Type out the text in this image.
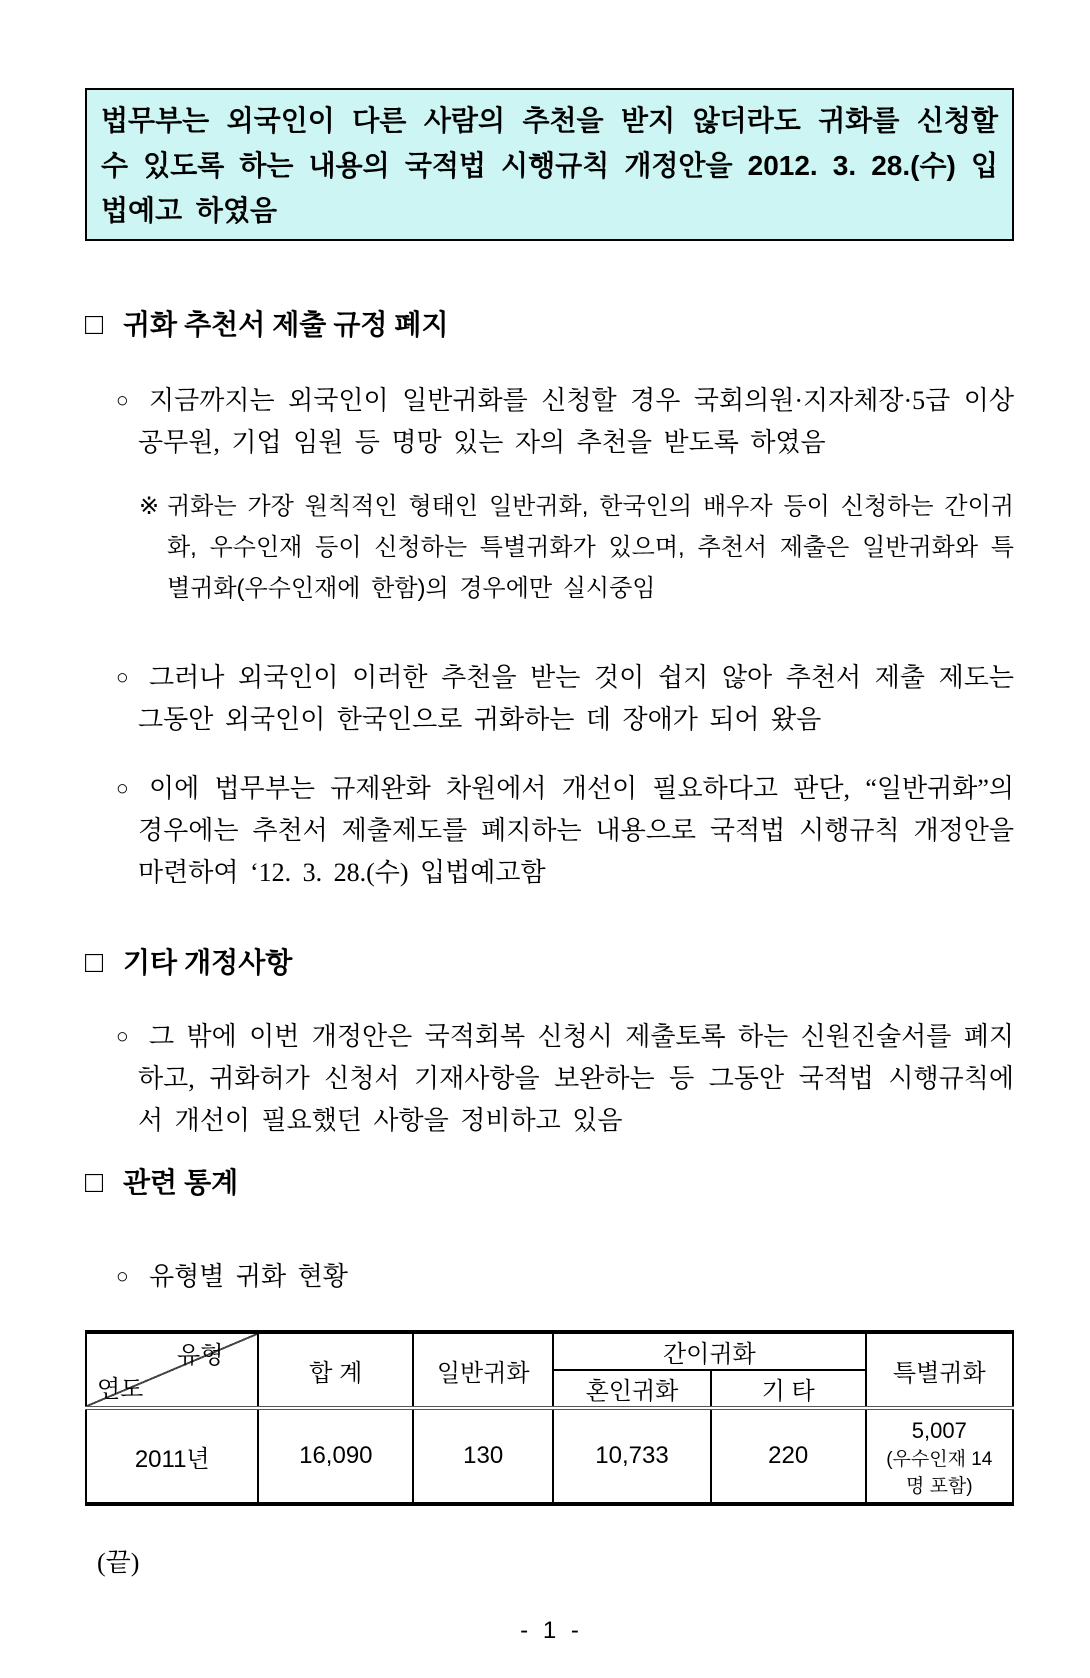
법무부는 외국인이 다른 사람의 추천을 받지 않더라도 귀화를 신청할 수 있도록 하는 내용의 국적법 시행규칙 개정안을 2012. 3. 28.(수) 입법예고 하였음
□ 귀화 추천서 제출 규정 폐지
○ 지금까지는 외국인이 일반귀화를 신청할 경우 국회의원·지자체장·5급 이상 공무원, 기업 임원 등 명망 있는 자의 추천을 받도록 하였음
※ 귀화는 가장 원칙적인 형태인 일반귀화, 한국인의 배우자 등이 신청하는 간이귀화, 우수인재 등이 신청하는 특별귀화가 있으며, 추천서 제출은 일반귀화와 특별귀화(우수인재에 한함)의 경우에만 실시중임
○ 그러나 외국인이 이러한 추천을 받는 것이 쉽지 않아 추천서 제출 제도는 그동안 외국인이 한국인으로 귀화하는 데 장애가 되어 왔음
○ 이에 법무부는 규제완화 차원에서 개선이 필요하다고 판단, “일반귀화”의 경우에는 추천서 제출제도를 폐지하는 내용으로 국적법 시행규칙 개정안을 마련하여 ‘12. 3. 28.(수) 입법예고함
□ 기타 개정사항
○ 그 밖에 이번 개정안은 국적회복 신청시 제출토록 하는 신원진술서를 폐지하고, 귀화허가 신청서 기재사항을 보완하는 등 그동안 국적법 시행규칙에서 개선이 필요했던 사항을 정비하고 있음
□ 관련 통계
○ 유형별 귀화 현황
유형
연도	합 계	일반귀화	간이귀화		특별귀화
			혼인귀화	기 타	
2011년	16,090	130	10,733	220	5,007
(우수인재 14명 포함)
(끝)
- 1 -
